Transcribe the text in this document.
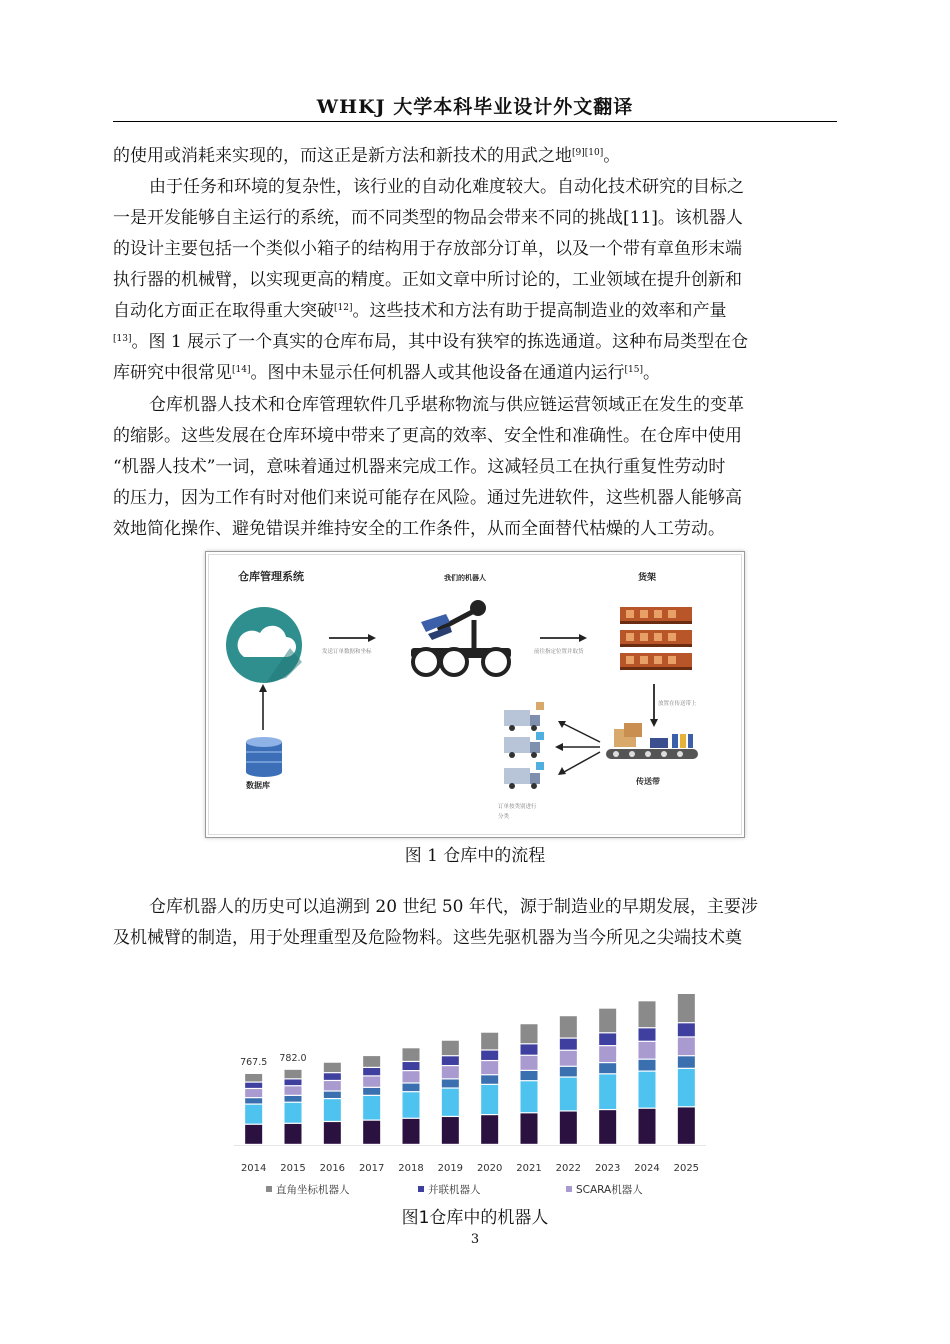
WHKJ 大学本科毕业设计外文翻译

的使用或消耗来实现的，而这正是新方法和新技术的用武之地[9][10]。

由于任务和环境的复杂性，该行业的自动化难度较大。自动化技术研究的目标之
一是开发能够自主运行的系统，而不同类型的物品会带来不同的挑战[11]。该机器人
的设计主要包括一个类似小箱子的结构用于存放部分订单，以及一个带有章鱼形末端
执行器的机械臂，以实现更高的精度。正如文章中所讨论的，工业领域在提升创新和
自动化方面正在取得重大突破[12]。这些技术和方法有助于提高制造业的效率和产量
[13]。图 1 展示了一个真实的仓库布局，其中设有狭窄的拣选通道。这种布局类型在仓
库研究中很常见[14]。图中未显示任何机器人或其他设备在通道内运行[15]。

仓库机器人技术和仓库管理软件几乎堪称物流与供应链运营领域正在发生的变革
的缩影。这些发展在仓库环境中带来了更高的效率、安全性和准确性。在仓库中使用
“机器人技术”一词，意味着通过机器来完成工作。这减轻员工在执行重复性劳动时
的压力，因为工作有时对他们来说可能存在风险。通过先进软件，这些机器人能够高
效地简化操作、避免错误并维持安全的工作条件，从而全面替代枯燥的人工劳动。

仓库管理系统	我们的机器人	货架
数据库
发送订单数据和坐标	前往指定位置并取货
放置在传送带上
传送带
订单按类别进行
分类
图 1 仓库中的流程

仓库机器人的历史可以追溯到 20 世纪 50 年代，源于制造业的早期发展，主要涉
及机械臂的制造，用于处理重型及危险物料。这些先驱机器为当今所见之尖端技术奠

767.5
2014
782.0
2015 2016 2017 2018 2019 2020 2021 2022 2023 2024 2025
直角坐标机器人	并联机器人	SCARA机器人
图1仓库中的机器人
3
